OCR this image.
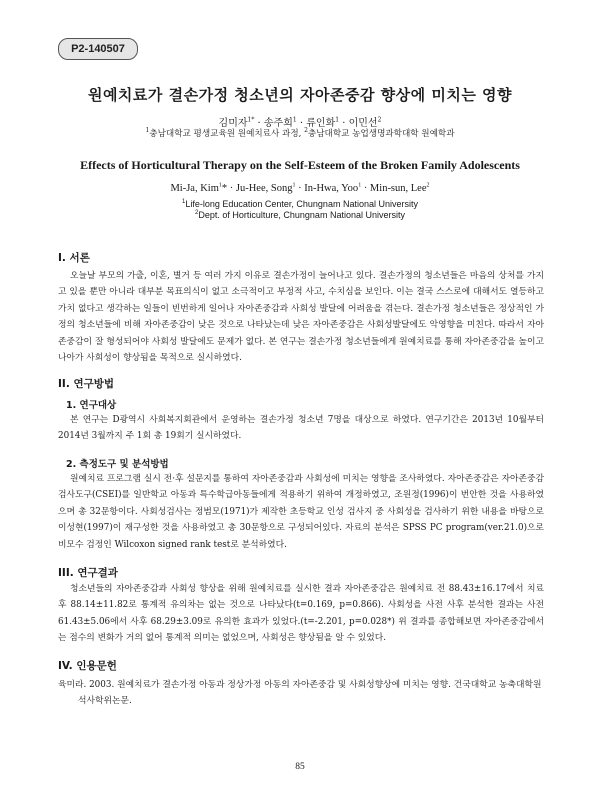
P2-140507
원예치료가 결손가정 청소년의 자아존중감 향상에 미치는 영향
김미자$^{1*}$ · 송주희$^1$ · 류인화$^1$ · 이민선$^2$
$^1$충남대학교 평생교육원 원예치료사 과정, $^2$충남대학교 농업생명과학대학 원예학과
Effects of Horticultural Therapy on the Self-Esteem of the Broken Family Adolescents
Mi-Ja, Kim$^1$* · Ju-Hee, Song$^1$ · In-Hwa, Yoo$^1$ · Min-sun, Lee$^2$
$^1$Life-long Education Center, Chungnam National University
$^2$Dept. of Horticulture, Chungnam National University
I. 서론
오늘날 부모의 가출, 이혼, 별거 등 여러 가지 이유로 결손가정이 늘어나고 있다. 결손가정의 청소년들은 마음의 상처를 가지고 있을 뿐만 아니라 대부분 목표의식이 없고 소극적이고 부정적 사고, 수치심을 보인다. 이는 결국 스스로에 대해서도 열등하고 가치 없다고 생각하는 일들이 빈번하게 일어나 자아존중감과 사회성 발달에 어려움을 겪는다. 결손가정 청소년들은 정상적인 가정의 청소년들에 비해 자아존중감이 낮은 것으로 나타났는데 낮은 자아존중감은 사회성발달에도 악영향을 미친다. 따라서 자아존중감이 잘 형성되어야 사회성 발달에도 문제가 없다. 본 연구는 결손가정 청소년들에게 원예치료를 통해 자아존중감을 높이고 나아가 사회성이 향상됨을 목적으로 실시하였다.
II. 연구방법
1. 연구대상
본 연구는 D광역시 사회복지회관에서 운영하는 결손가정 청소년 7명을 대상으로 하였다. 연구기간은 2013년 10월부터 2014년 3월까지 주 1회 총 19회기 실시하였다.
2. 측정도구 및 분석방법
원예치료 프로그램 실시 전·후 설문지를 통하여 자아존중감과 사회성에 미치는 영향을 조사하였다. 자아존중감은 자아존중감 검사도구(CSEI)를 일반학교 아동과 특수학급아동들에게 적용하기 위하여 개정하였고, 조원정(1996)이 번안한 것을 사용하였으며 총 32문항이다. 사회성검사는 정범모(1971)가 제작한 초등학교 인성 검사지 중 사회성을 검사하기 위한 내용을 바탕으로 이성현(1997)이 재구성한 것을 사용하였고 총 30문항으로 구성되어있다. 자료의 분석은 SPSS PC program(ver.21.0)으로 비모수 검정인 Wilcoxon signed rank test로 분석하였다.
III. 연구결과
청소년들의 자아존중감과 사회성 향상을 위해 원예치료를 실시한 결과 자아존중감은 원예치료 전 88.43±16.17에서 치료 후 88.14±11.82로 통계적 유의차는 없는 것으로 나타났다(t=0.169, p=0.866). 사회성을 사전 사후 분석한 결과는 사전 61.43±5.06에서 사후 68.29±3.09로 유의한 효과가 있었다.(t=-2.201, p=0.028*) 위 결과를 종합해보면 자아존중감에서는 점수의 변화가 거의 없어 통계적 의미는 없었으며, 사회성은 향상됨을 알 수 있었다.
IV. 인용문헌
육미라. 2003. 원예치료가 결손가정 아동과 정상가정 아동의 자아존중감 및 사회성향상에 미치는 영향. 건국대학교 농축대학원 석사학위논문.
85
